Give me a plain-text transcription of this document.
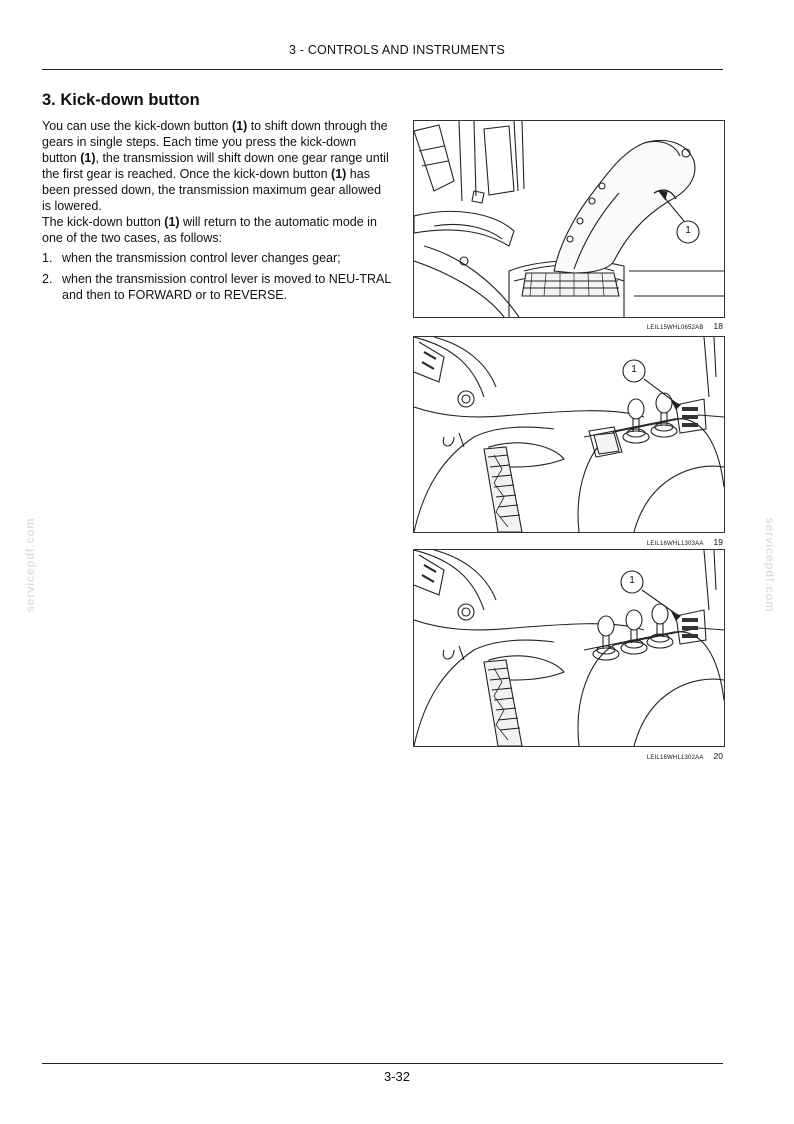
3 - CONTROLS AND INSTRUMENTS
3. Kick-down button

You can use the kick-down button (1) to shift down through the gears in single steps. Each time you press the kick-down button (1), the transmission will shift down one gear range until the first gear is reached. Once the kick-down button (1) has been pressed down, the transmission maximum gear allowed is lowered.

The kick-down button (1) will return to the automatic mode in one of the two cases, as follows:

1. when the transmission control lever changes gear;
2. when the transmission control lever is moved to NEU-TRAL and then to FORWARD or to REVERSE.
1
LEIL15WHL0652AB 18
1
LEIL16WHL1303AA 19
1
LEIL16WHL1302AA 20
servicepdf.com	servicepdf.com
3-32
